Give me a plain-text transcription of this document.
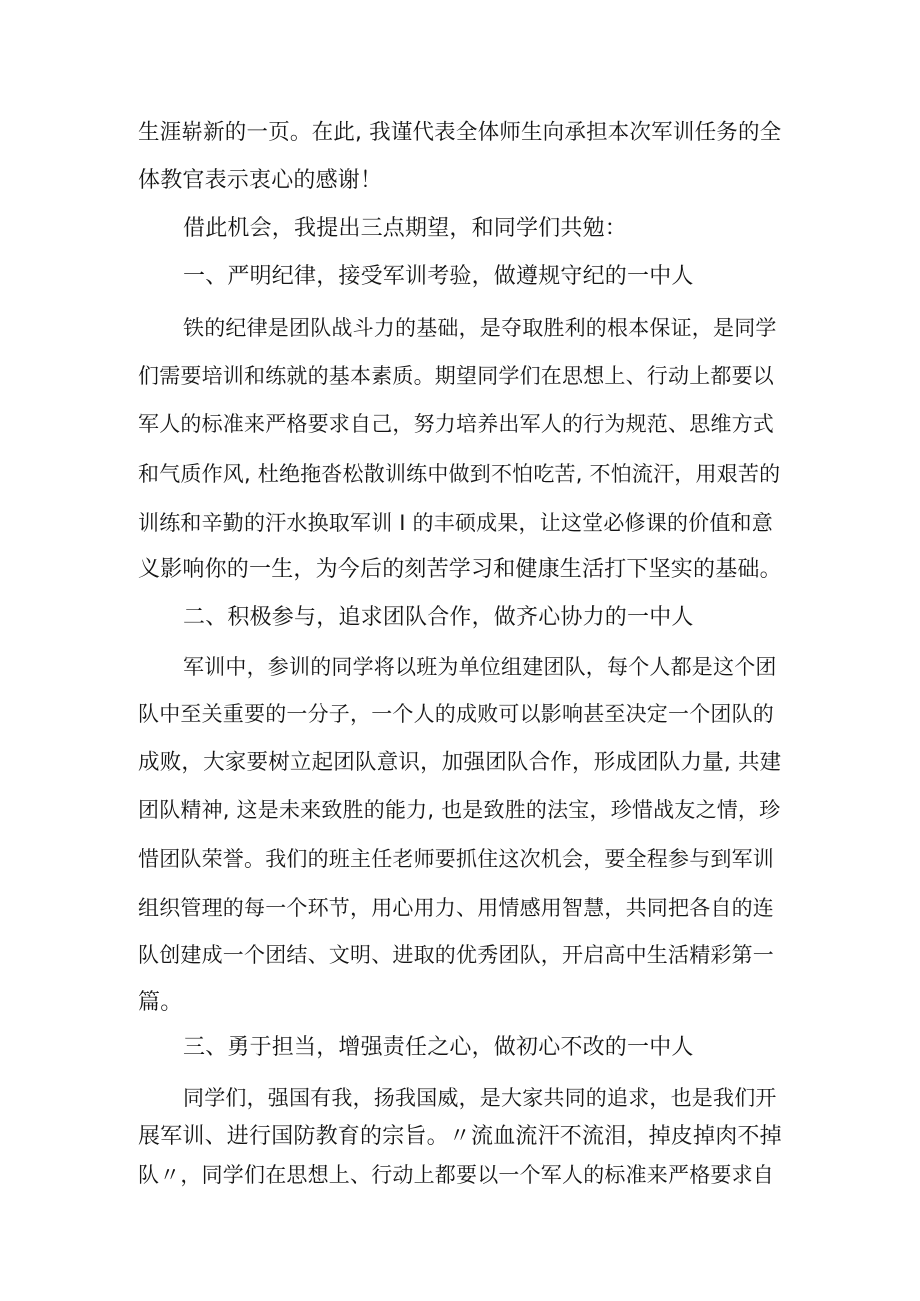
生涯崭新的一页。在此, 我谨代表全体师生向承担本次军训任务的全
体教官表示衷心的感谢！
借此机会，我提出三点期望，和同学们共勉：
一、严明纪律，接受军训考验，做遵规守纪的一中人
铁的纪律是团队战斗力的基础，是夺取胜利的根本保证，是同学
们需要培训和练就的基本素质。期望同学们在思想上、行动上都要以
军人的标准来严格要求自己，努力培养出军人的行为规范、思维方式
和气质作风, 杜绝拖沓松散训练中做到不怕吃苦, 不怕流汗，用艰苦的
训练和辛勤的汗水换取军训 I 的丰硕成果，让这堂必修课的价值和意
义影响你的一生，为今后的刻苦学习和健康生活打下坚实的基础。
二、积极参与，追求团队合作，做齐心协力的一中人
军训中，参训的同学将以班为单位组建团队，每个人都是这个团
队中至关重要的一分子，一个人的成败可以影响甚至决定一个团队的
成败，大家要树立起团队意识，加强团队合作，形成团队力量, 共建
团队精神, 这是未来致胜的能力, 也是致胜的法宝，珍惜战友之情，珍
惜团队荣誉。我们的班主任老师要抓住这次机会，要全程参与到军训
组织管理的每一个环节，用心用力、用情感用智慧，共同把各自的连
队创建成一个团结、文明、进取的优秀团队，开启高中生活精彩第一
篇。
三、勇于担当，增强责任之心，做初心不改的一中人
同学们，强国有我，扬我国威，是大家共同的追求，也是我们开
展军训、进行国防教育的宗旨。〃流血流汗不流泪，掉皮掉肉不掉
队〃，同学们在思想上、行动上都要以一个军人的标准来严格要求自
